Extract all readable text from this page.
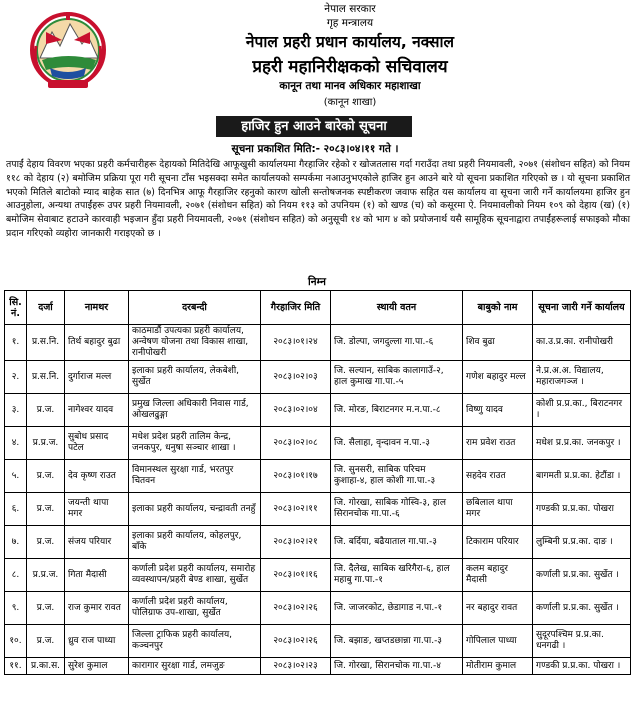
नेपाल सरकार
गृह मन्त्रालय
नेपाल प्रहरी प्रधान कार्यालय, नक्साल
प्रहरी महानिरीक्षकको सचिवालय
कानून तथा मानव अधिकार महाशाखा
(कानून शाखा)
हाजिर हुन आउने बारेको सूचना
सूचना प्रकाशित मिति:- २०८३।०४।११ गते ।

तपाईं देहाय विवरण भएका प्रहरी कर्मचारीहरू देहायको मितिदेखि आफूखुसी कार्यालयमा गैरहाजिर रहेको र खोजतलास गर्दा गराउँदा तथा प्रहरी नियमावली, २०७१ (संशोधन सहित) को नियम ११८ को देहाय (२) बमोजिम प्रक्रिया पूरा गरी सूचना टाँस भइसक्दा समेत कार्यालयको सम्पर्कमा नआउनुभएकोले हाजिर हुन आउने बारे यो सूचना प्रकाशित गरिएको छ । यो सूचना प्रकाशित भएको मितिले बाटोको म्याद बाहेक सात (७) दिनभित्र आफू गैरहाजिर रहनुको कारण खोली सन्तोषजनक स्पष्टीकरण जवाफ सहित यस कार्यालय वा सूचना जारी गर्ने कार्यालयमा हाजिर हुन आउनुहोला, अन्यथा तपाईंहरू उपर प्रहरी नियमावली, २०७१ (संशोधन सहित) को नियम ११३ को उपनियम (१) को खण्ड (च) को कसूरमा ऐ. नियमावलीको नियम १०९ को देहाय (ख) (१) बमोजिम सेवाबाट हटाउने कारवाही भइजान हुँदा प्रहरी नियमावली, २०७१ (संशोधन सहित) को अनुसूची १४ को भाग ४ को प्रयोजनार्थ यसै सामूहिक सूचनाद्वारा तपाईंहरूलाई सफाइको मौका प्रदान गरिएको व्यहोरा जानकारी गराइएको छ ।

निम्न
सि. नं.	दर्जा	नामथर	दरबन्दी	गैरहाजिर मिति	स्थायी वतन	बाबुको नाम	सूचना जारी गर्ने कार्यालय
१.	प्र.स.नि.	तिर्थ बहादुर बुढा	काठमाडौं उपत्यका प्रहरी कार्यालय, अन्वेषण योजना तथा विकास शाखा, रानीपोखरी	२०८३।०१।२४	जि. डोल्पा, जगदुल्ला गा.पा.-६	शिव बुढा	का.उ.प्र.का. रानीपोखरी
२.	प्र.स.नि.	दुर्गाराज मल्ल	इलाका प्रहरी कार्यालय, लेकबेशी, सुर्खेत	२०८३।०२।०३	जि. सल्यान, साबिक कालागाउँ-२, हाल कुमाख गा.पा.-५	गणेश बहादुर मल्ल	ने.प्र.अ.अ. विद्यालय, महाराजगञ्ज ।
३.	प्र.ज.	नागेश्वर यादव	प्रमुख जिल्ला अधिकारी निवास गार्ड, ओखलढुङ्गा	२०८३।०२।०४	जि. मोरङ, बिराटनगर म.न.पा.-८	विष्णु यादव	कोशी प्र.प्र.का., बिराटनगर ।
४.	प्र.प्र.ज.	सुबोध प्रसाद पटेल	मधेश प्रदेश प्रहरी तालिम केन्द्र, जनकपुर, धनुषा सञ्चार शाखा ।	२०८३।०२।०८	जि. सैलाहा, वृन्दावन न.पा.-३	राम प्रवेश राउत	मधेश प्र.प्र.का. जनकपुर ।
५.	प्र.ज.	देव कृष्ण राउत	विमानस्थल सुरक्षा गार्ड, भरतपुर चितवन	२०८३।०१।१७	जि. सुनसरी, साबिक परिचम कुशाहा-४, हाल कोशी गा.पा.-३	सहदेव राउत	बागमती प्र.प्र.का. हेटौंडा ।
६.	प्र.ज.	जयन्ती थापा मगर	इलाका प्रहरी कार्यालय, चन्द्रावती तनहुँ	२०८३।०२।११	जि. गोरखा, साबिक गोस्वि-३, हाल सिरानचोक गा.पा.-६	छबिलाल थापा मगर	गण्डकी प्र.प्र.का. पोखरा
७.	प्र.ज.	संजय परियार	इलाका प्रहरी कार्यालय, कोहलपुर, बाँके	२०८३।०२।२१	जि. बर्दिया, बढैयाताल गा.पा.-३	टिकाराम परियार	लुम्बिनी प्र.प्र.का. दाङ ।
८.	प्र.प्र.ज.	गिता मैदासी	कर्णाली प्रदेश प्रहरी कार्यालय, समारोह व्यवस्थापन/प्रहरी बेण्ड शाखा, सुर्खेत	२०८३।०१।१६	जि. दैलेख, साबिक खरिगैरा-६, हाल महाबु गा.पा.-१	कलम बहादुर मैदासी	कर्णाली प्र.प्र.का. सुर्खेत ।
९.	प्र.ज.	राज कुमार रावत	कर्णाली प्रदेश प्रहरी कार्यालय, पोलिग्राफ उप-शाखा, सुर्खेत	२०८३।०२।२६	जि. जाजरकोट, छेडागाड न.पा.-१	नर बहादुर रावत	कर्णाली प्र.प्र.का. सुर्खेत ।
१०.	प्र.ज.	ध्रुव राज पाध्या	जिल्ला ट्राफिक प्रहरी कार्यालय, कञ्चनपुर	२०८३।०२।२६	जि. बझाङ, खप्तडछान्ना गा.पा.-३	गोपिलाल पाध्या	सुदूरपश्चिम प्र.प्र.का. धनगढी ।
११.	प्र.का.स.	सुरेश कुमाल	कारागार सुरक्षा गार्ड, लमजुङ	२०८३।०२।२३	जि. गोरखा, सिरानचोक गा.पा.-४	मोतीराम कुमाल	गण्डकी प्र.प्र.का. पोखरा ।
